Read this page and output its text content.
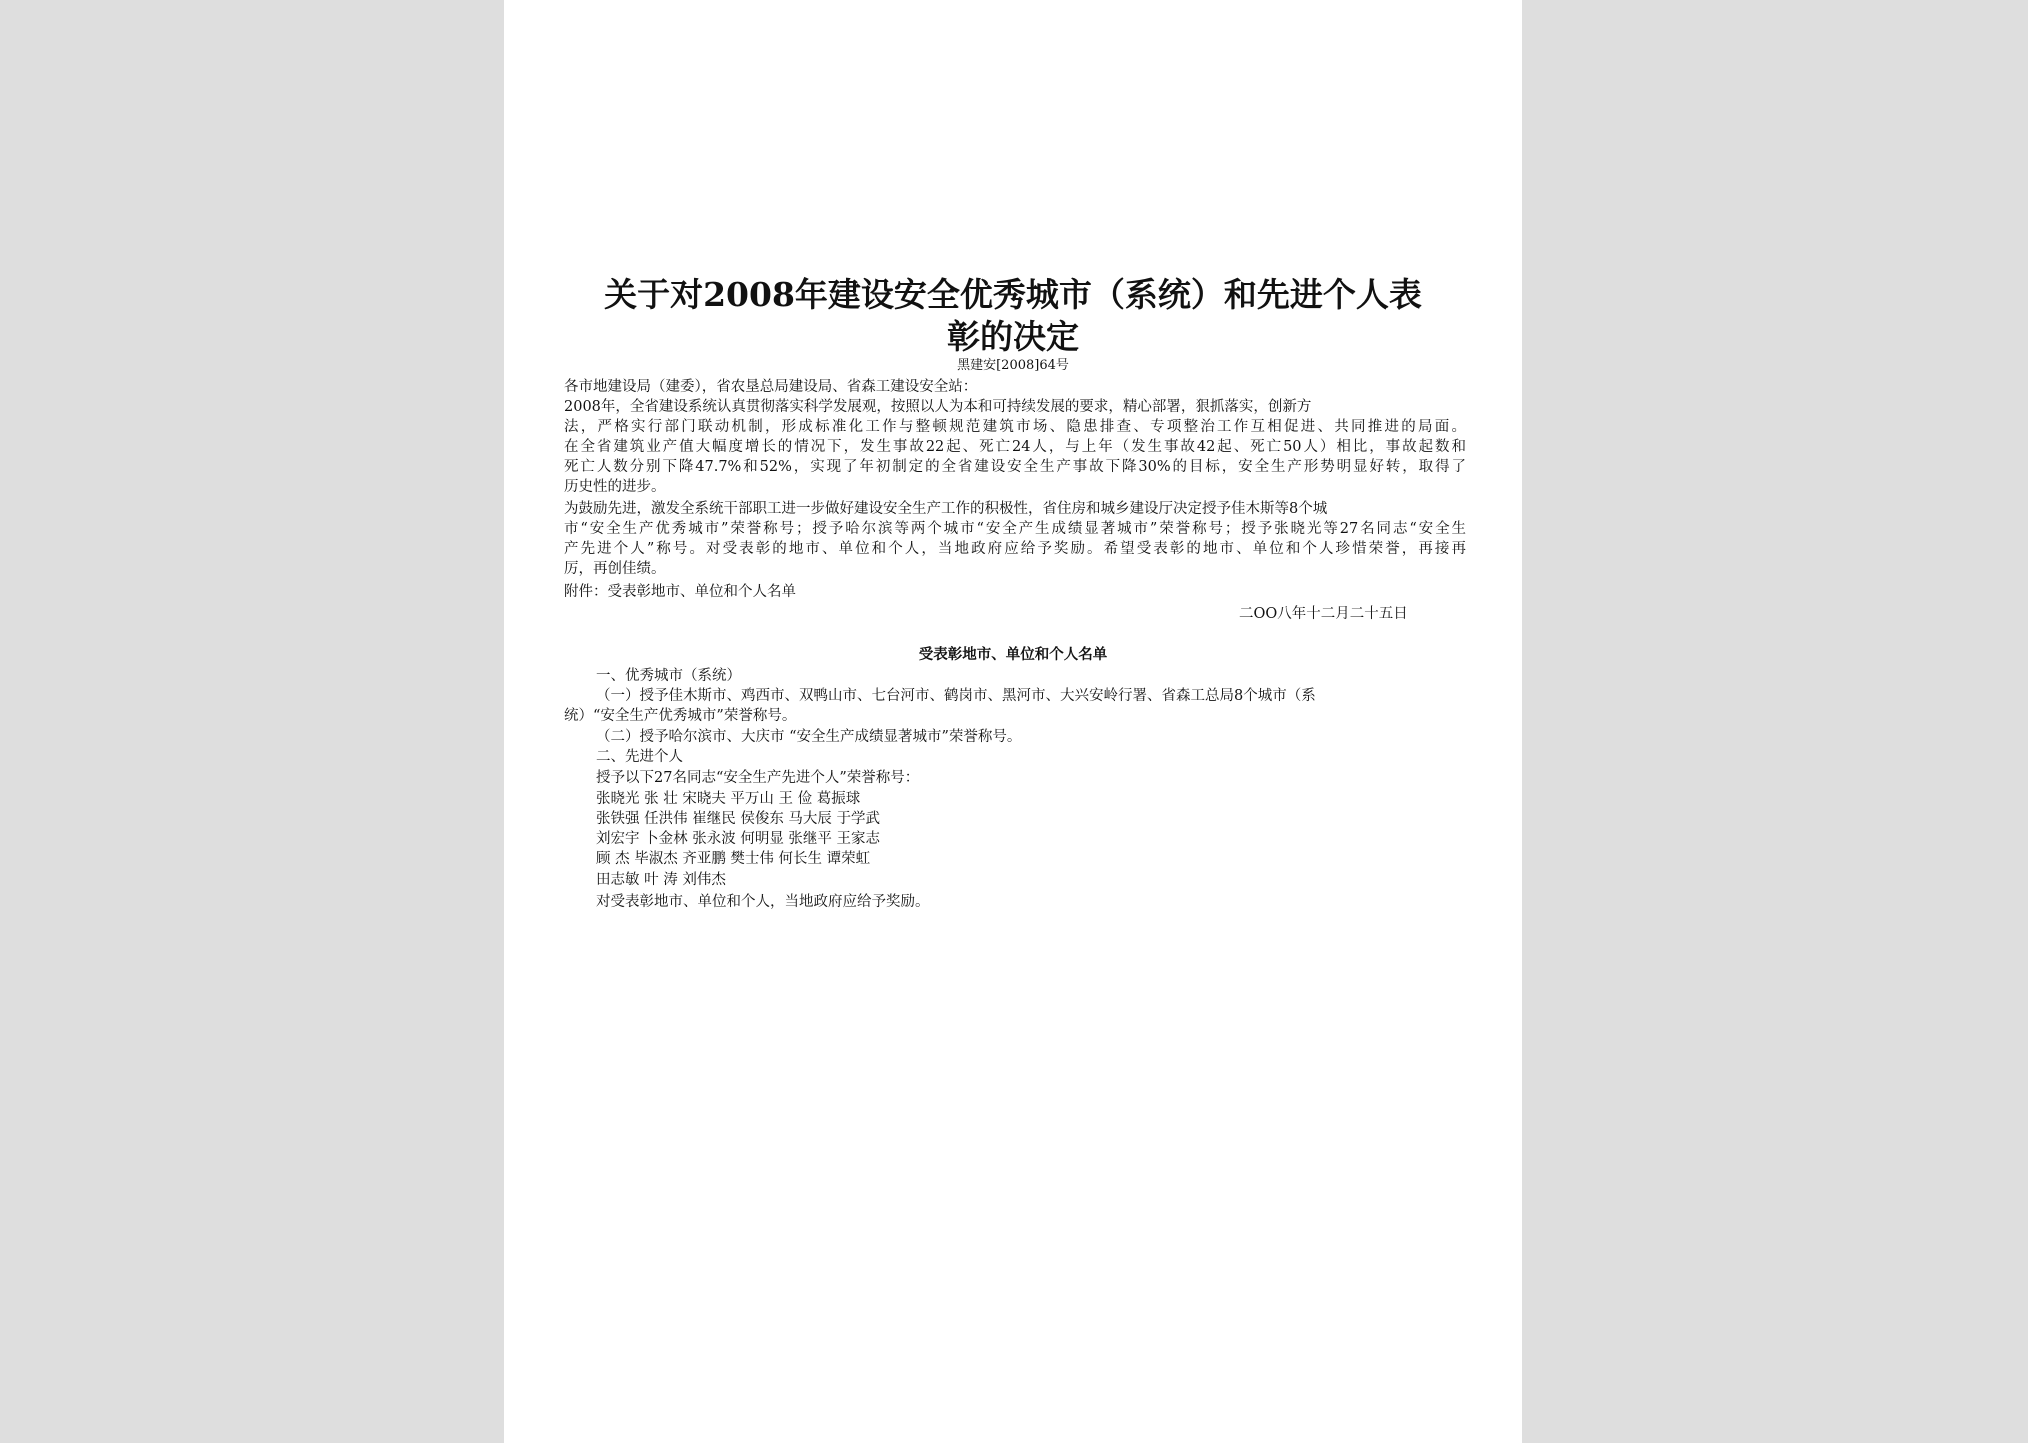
关于对2008年建设安全优秀城市（系统）和先进个人表
彰的决定
黑建安[2008]64号

各市地建设局（建委），省农垦总局建设局、省森工建设安全站：

2008年，全省建设系统认真贯彻落实科学发展观，按照以人为本和可持续发展的要求，精心部署，狠抓落实，创新方

法，严格实行部门联动机制，形成标准化工作与整顿规范建筑市场、隐患排查、专项整治工作互相促进、共同推进的局面。

在全省建筑业产值大幅度增长的情况下，发生事故22起、死亡24人，与上年（发生事故42起、死亡50人）相比，事故起数和

死亡人数分别下降47.7%和52%，实现了年初制定的全省建设安全生产事故下降30%的目标，安全生产形势明显好转，取得了

历史性的进步。

为鼓励先进，激发全系统干部职工进一步做好建设安全生产工作的积极性，省住房和城乡建设厅决定授予佳木斯等8个城

市“安全生产优秀城市”荣誉称号；授予哈尔滨等两个城市“安全产生成绩显著城市”荣誉称号；授予张晓光等27名同志“安全生

产先进个人”称号。对受表彰的地市、单位和个人，当地政府应给予奖励。希望受表彰的地市、单位和个人珍惜荣誉，再接再

厉，再创佳绩。

附件：受表彰地市、单位和个人名单

二OO八年十二月二十五日
受表彰地市、单位和个人名单

一、优秀城市（系统）

（一）授予佳木斯市、鸡西市、双鸭山市、七台河市、鹤岗市、黑河市、大兴安岭行署、省森工总局8个城市（系

统）“安全生产优秀城市”荣誉称号。

（二）授予哈尔滨市、大庆市 “安全生产成绩显著城市”荣誉称号。

二、先进个人

授予以下27名同志“安全生产先进个人”荣誉称号：

张晓光 张 壮 宋晓夫 平万山 王 俭 葛振球

张铁强 任洪伟 崔继民 侯俊东 马大辰 于学武

刘宏宇 卜金林 张永波 何明显 张继平 王家志

顾 杰 毕淑杰 齐亚鹏 樊士伟 何长生 谭荣虹

田志敏 叶 涛 刘伟杰

对受表彰地市、单位和个人，当地政府应给予奖励。
